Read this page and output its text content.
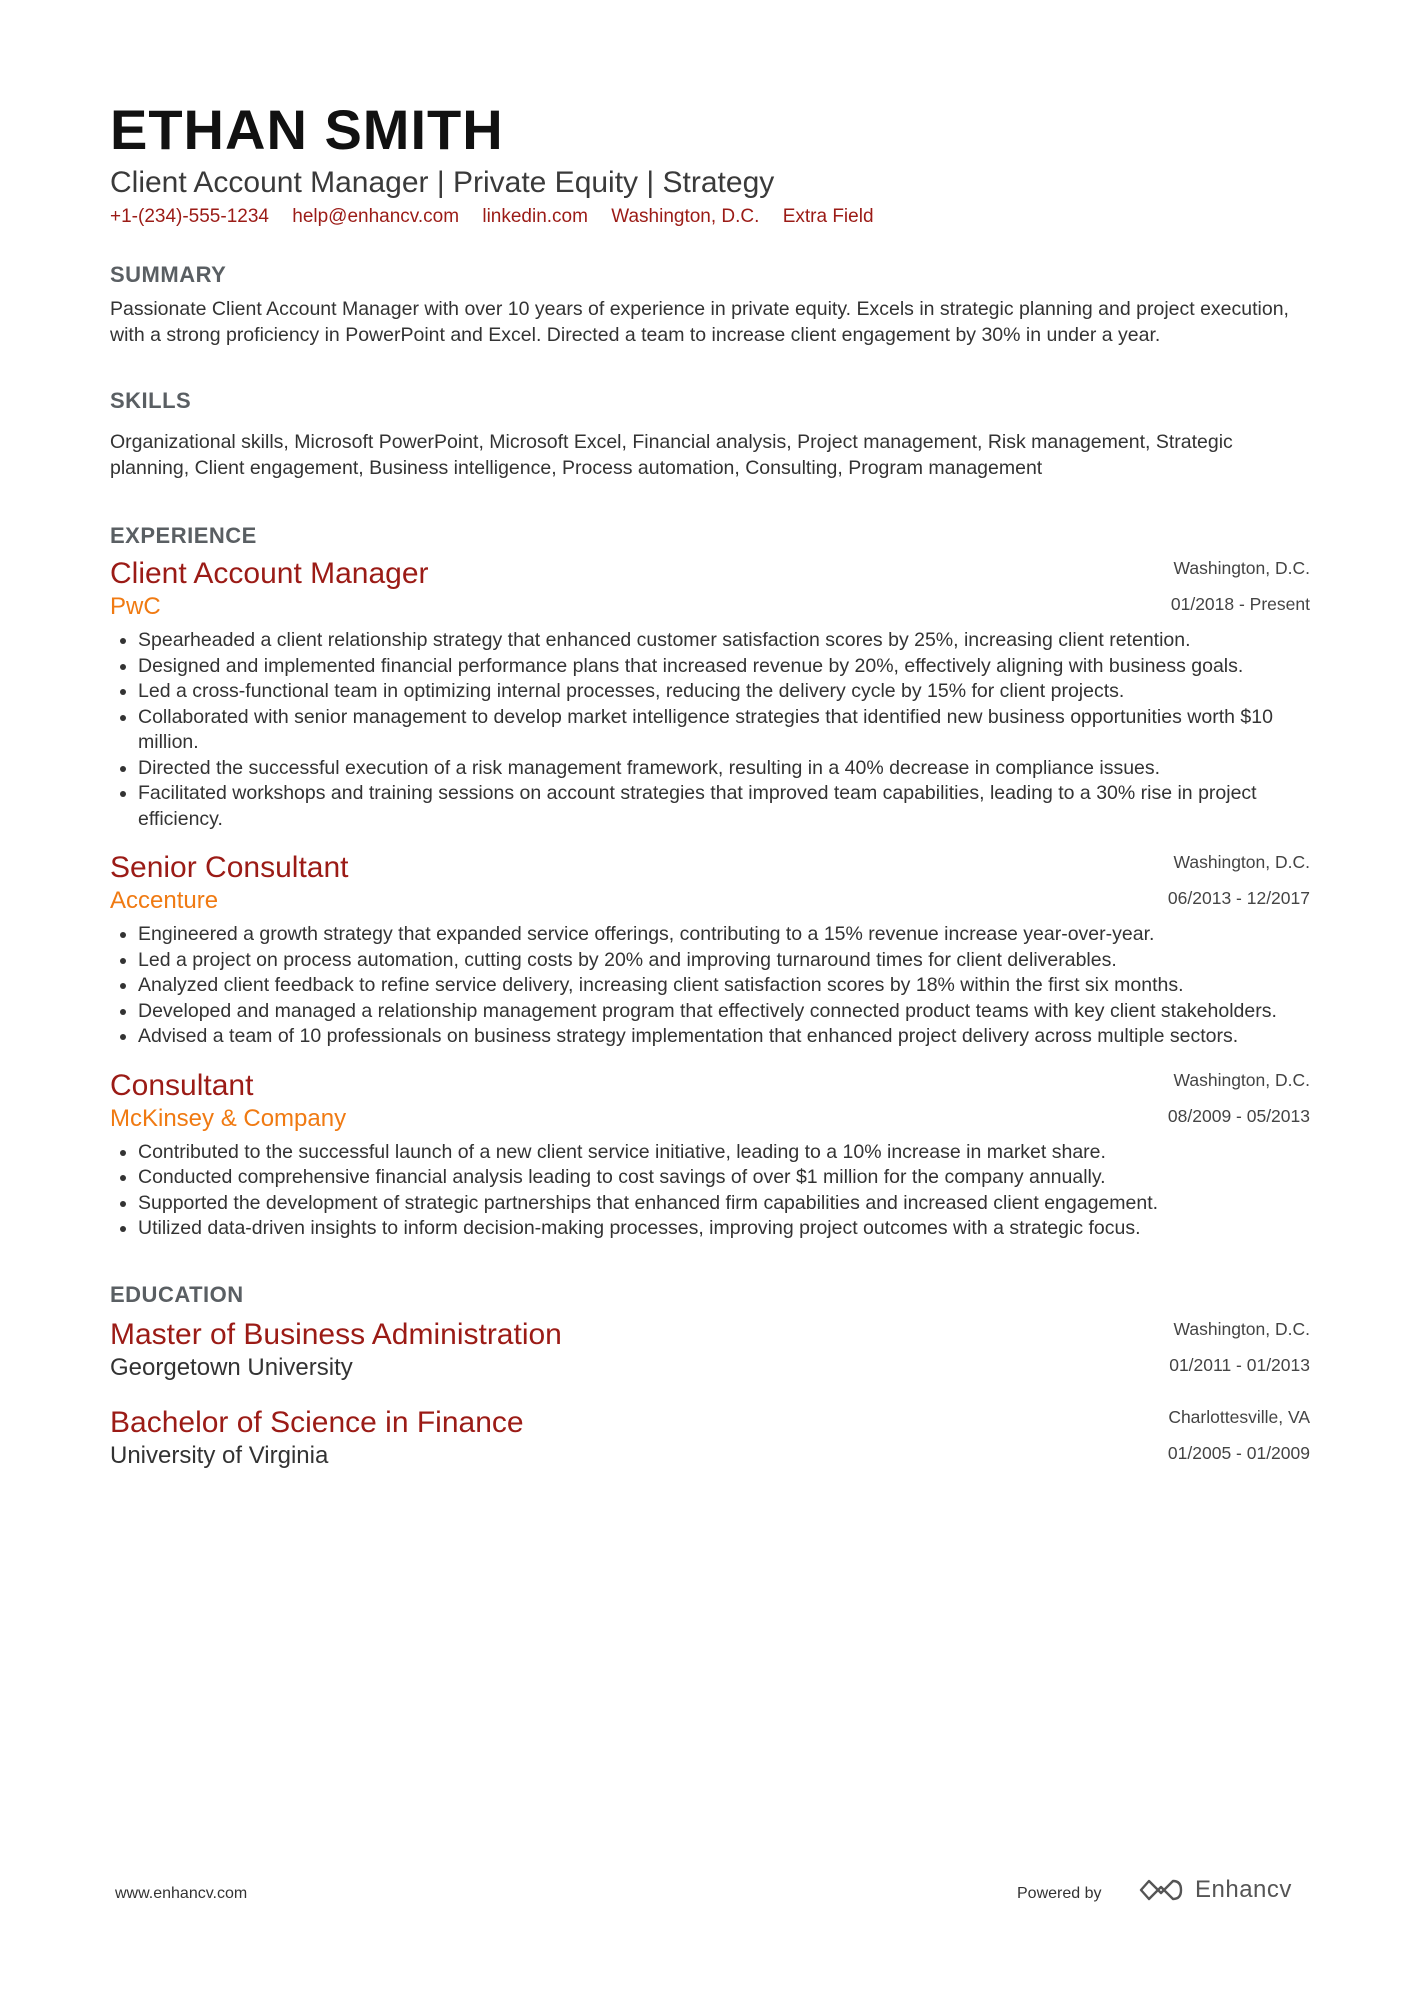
ETHAN SMITH
Client Account Manager | Private Equity | Strategy
+1-(234)-555-1234 help@enhancv.com linkedin.com Washington, D.C. Extra Field
SUMMARY

Passionate Client Account Manager with over 10 years of experience in private equity. Excels in strategic planning and project execution, with a strong proficiency in PowerPoint and Excel. Directed a team to increase client engagement by 30% in under a year.

SKILLS

Organizational skills, Microsoft PowerPoint, Microsoft Excel, Financial analysis, Project management, Risk management, Strategic planning, Client engagement, Business intelligence, Process automation, Consulting, Program management

EXPERIENCE
Client Account Manager
PwC
Washington, D.C.
01/2018 - Present
• Spearheaded a client relationship strategy that enhanced customer satisfaction scores by 25%, increasing client retention.
• Designed and implemented financial performance plans that increased revenue by 20%, effectively aligning with business goals.
• Led a cross-functional team in optimizing internal processes, reducing the delivery cycle by 15% for client projects.
• Collaborated with senior management to develop market intelligence strategies that identified new business opportunities worth $10 million.
• Directed the successful execution of a risk management framework, resulting in a 40% decrease in compliance issues.
• Facilitated workshops and training sessions on account strategies that improved team capabilities, leading to a 30% rise in project efficiency.
Senior Consultant
Accenture
Washington, D.C.
06/2013 - 12/2017
• Engineered a growth strategy that expanded service offerings, contributing to a 15% revenue increase year-over-year.
• Led a project on process automation, cutting costs by 20% and improving turnaround times for client deliverables.
• Analyzed client feedback to refine service delivery, increasing client satisfaction scores by 18% within the first six months.
• Developed and managed a relationship management program that effectively connected product teams with key client stakeholders.
• Advised a team of 10 professionals on business strategy implementation that enhanced project delivery across multiple sectors.
Consultant
McKinsey & Company
Washington, D.C.
08/2009 - 05/2013
• Contributed to the successful launch of a new client service initiative, leading to a 10% increase in market share.
• Conducted comprehensive financial analysis leading to cost savings of over $1 million for the company annually.
• Supported the development of strategic partnerships that enhanced firm capabilities and increased client engagement.
• Utilized data-driven insights to inform decision-making processes, improving project outcomes with a strategic focus.
EDUCATION
Master of Business Administration
Georgetown University
Washington, D.C.
01/2011 - 01/2013
Bachelor of Science in Finance
University of Virginia
Charlottesville, VA
01/2005 - 01/2009
www.enhancv.com	Powered by	Enhancv
